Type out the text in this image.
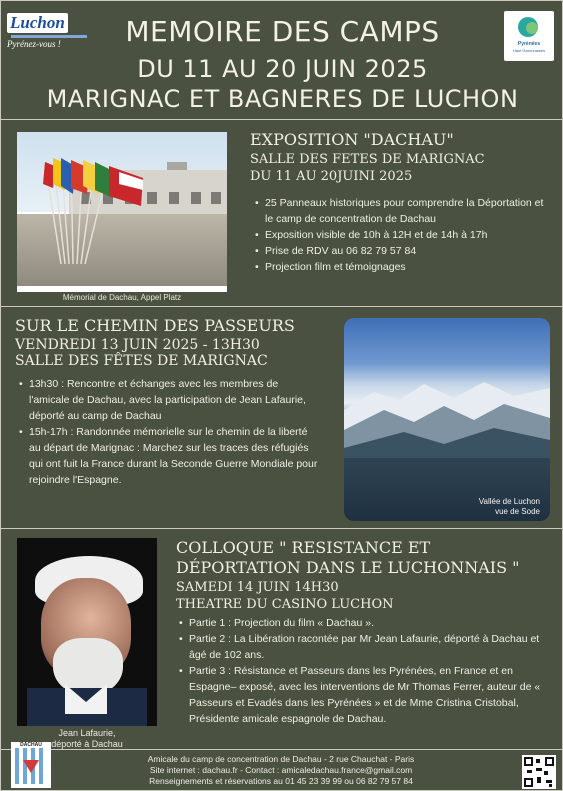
Luchon
Pyrénez-vous !	Pyrénées
Haut Garonnaises
MEMOIRE DES CAMPS
DU 11 AU 20 JUIN 2025
MARIGNAC ET BAGNERES DE LUCHON
Mémorial de Dachau, Appel Platz
EXPOSITION "DACHAU"
SALLE DES FETES DE MARIGNAC
DU 11 AU 20JUINI 2025
• 25 Panneaux historiques pour comprendre la Déportation et le camp de concentration de Dachau
• Exposition visible de 10h à 12H et de 14h à 17h
• Prise de RDV au 06 82 79 57 84
• Projection film et témoignages
SUR LE CHEMIN DES PASSEURS
VENDREDI 13 JUIN 2025 - 13H30
SALLE DES FÊTES DE MARIGNAC
• 13h30 : Rencontre et échanges avec les membres de l'amicale de Dachau, avec la participation de Jean Lafaurie, déporté au camp de Dachau
• 15h-17h : Randonnée mémorielle sur le chemin de la liberté au départ de Marignac : Marchez sur les traces des réfugiés qui ont fuit la France durant la Seconde Guerre Mondiale pour rejoindre l'Espagne.
Vallée de Luchon
vue de Sode
Jean Lafaurie,
déporté à Dachau
COLLOQUE " RESISTANCE ET
DÉPORTATION DANS LE LUCHONNAIS "
SAMEDI 14 JUIN 14H30
THEATRE DU CASINO LUCHON
• Partie 1 : Projection du film « Dachau ».
• Partie 2 : La Libération racontée par Mr Jean Lafaurie, déporté à Dachau et âgé de 102 ans.
• Partie 3 : Résistance et Passeurs dans les Pyrénées, en France et en Espagne– exposé, avec les interventions de Mr Thomas Ferrer, auteur de « Passeurs et Evadés dans les Pyrénées » et de Mme Cristina Cristobal, Présidente amicale espagnole de Dachau.
DACHAU
Amicale du camp de concentration de Dachau - 2 rue Chauchat - Paris
Site internet : dachau.fr - Contact : amicaledachau.france@gmail.com
Renseignements et réservations au 01 45 23 39 99 ou 06 82 79 57 84
